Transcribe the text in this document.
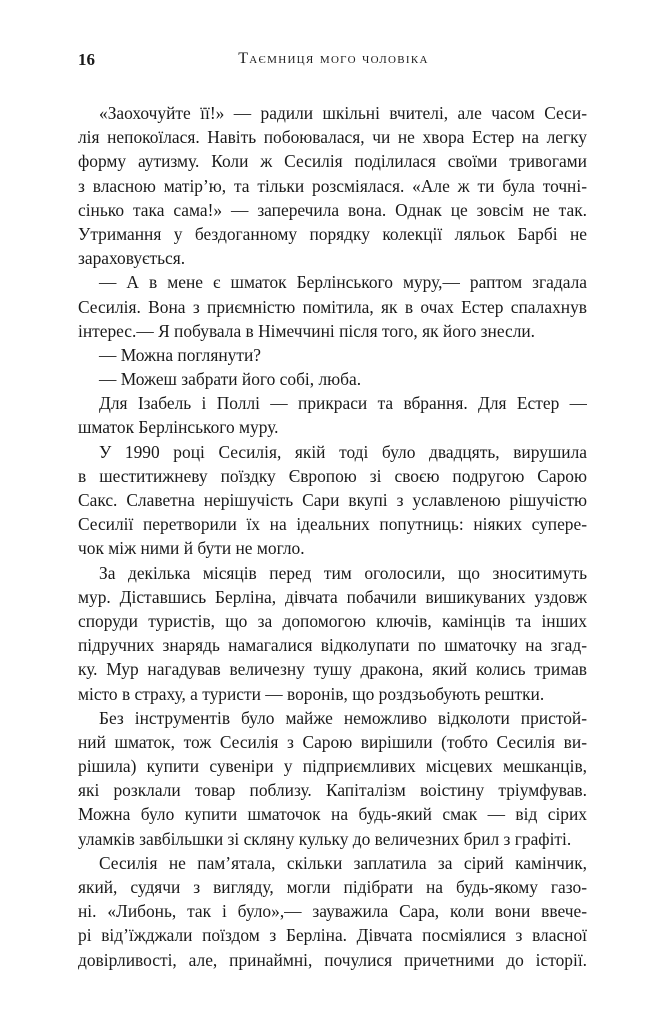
16	Таємниця мого чоловіка
«Заохочуйте її!» — радили шкільні вчителі, але часом Сеси-
лія непокоїлася. Навіть побоювалася, чи не хвора Естер на легку
форму аутизму. Коли ж Сесилія поділилася своїми тривогами
з власною матір’ю, та тільки розсміялася. «Але ж ти була точні-
сінько така сама!» — заперечила вона. Однак це зовсім не так.
Утримання у бездоганному порядку колекції ляльок Барбі не
зараховується.
— А в мене є шматок Берлінського муру,— раптом згадала
Сесилія. Вона з приємністю помітила, як в очах Естер спалахнув
інтерес.— Я побувала в Німеччині після того, як його знесли.
— Можна поглянути?
— Можеш забрати його собі, люба.
Для Ізабель і Поллі — прикраси та вбрання. Для Естер —
шматок Берлінського муру.
У 1990 році Сесилія, якій тоді було двадцять, вирушила
в шеститижневу поїздку Європою зі своєю подругою Сарою
Сакс. Славетна нерішучість Сари вкупі з уславленою рішучістю
Сесилії перетворили їх на ідеальних попутниць: ніяких супере-
чок між ними й бути не могло.
За декілька місяців перед тим оголосили, що зноситимуть
мур. Діставшись Берліна, дівчата побачили вишикуваних уздовж
споруди туристів, що за допомогою ключів, камінців та інших
підручних знарядь намагалися відколупати по шматочку на згад-
ку. Мур нагадував величезну тушу дракона, який колись тримав
місто в страху, а туристи — воронів, що роздзьобують рештки.
Без інструментів було майже неможливо відколоти пристой-
ний шматок, тож Сесилія з Сарою вирішили (тобто Сесилія ви-
рішила) купити сувеніри у підприємливих місцевих мешканців,
які розклали товар поблизу. Капіталізм воістину тріумфував.
Можна було купити шматочок на будь-який смак — від сірих
уламків завбільшки зі скляну кульку до величезних брил з графіті.
Сесилія не пам’ятала, скільки заплатила за сірий камінчик,
який, судячи з вигляду, могли підібрати на будь-якому газо-
ні. «Либонь, так і було»,— зауважила Сара, коли вони ввече-
рі від’їжджали поїздом з Берліна. Дівчата посміялися з власної
довірливості, але, принаймні, почулися причетними до історії.
